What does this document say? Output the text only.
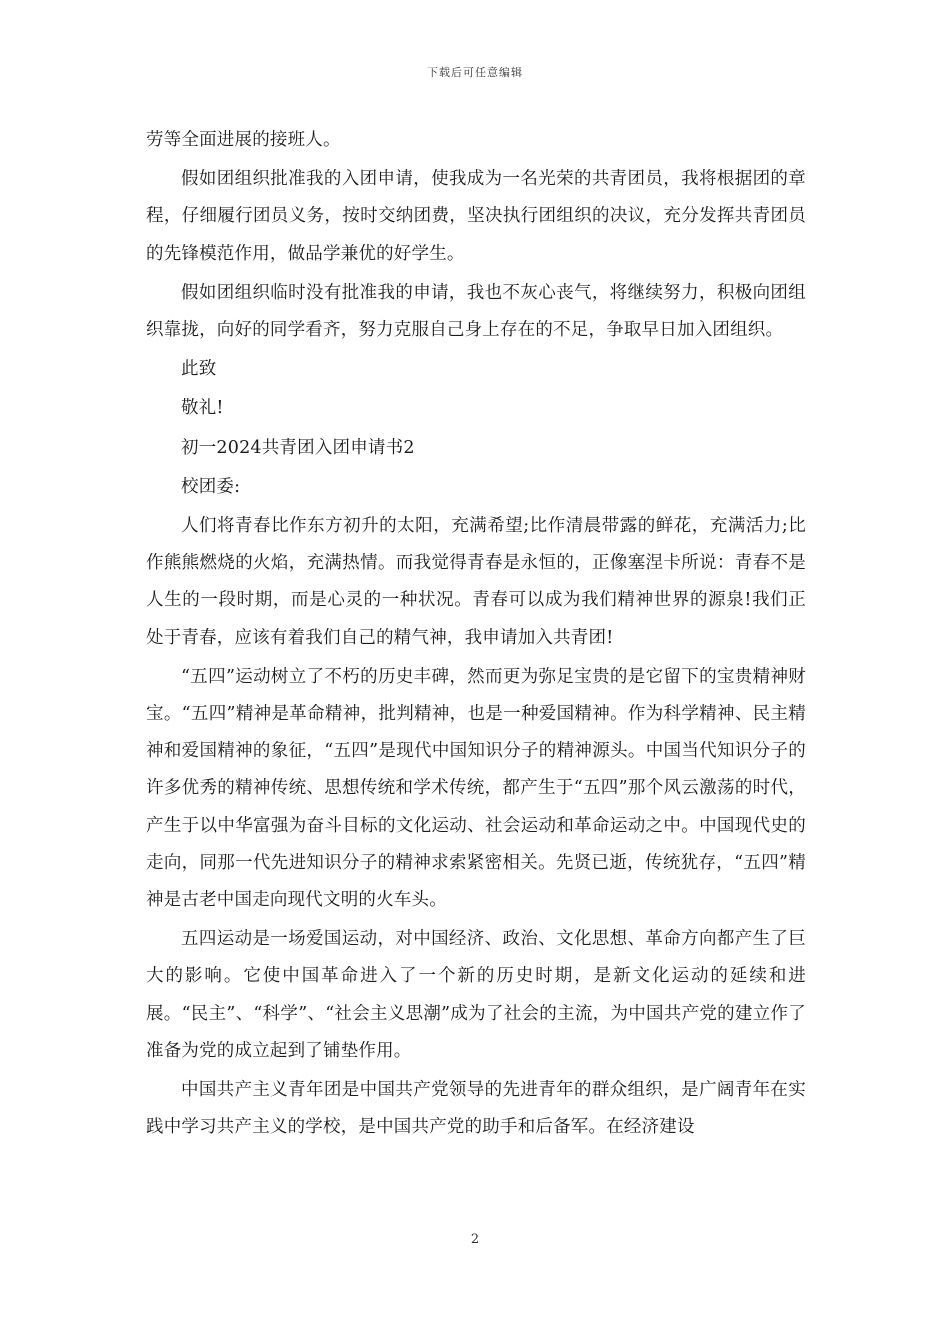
下载后可任意编辑

劳等全面进展的接班人。

假如团组织批准我的入团申请，使我成为一名光荣的共青团员，我将根据团的章程，仔细履行团员义务，按时交纳团费，坚决执行团组织的决议，充分发挥共青团员的先锋模范作用，做品学兼优的好学生。

假如团组织临时没有批准我的申请，我也不灰心丧气，将继续努力，积极向团组织靠拢，向好的同学看齐，努力克服自己身上存在的不足，争取早日加入团组织。

此致

敬礼!

初一2024共青团入团申请书2

校团委:

人们将青春比作东方初升的太阳，充满希望;比作清晨带露的鲜花，充满活力;比作熊熊燃烧的火焰，充满热情。而我觉得青春是永恒的，正像塞涅卡所说：青春不是人生的一段时期，而是心灵的一种状况。青春可以成为我们精神世界的源泉!我们正处于青春，应该有着我们自己的精气神，我申请加入共青团!

“五四”运动树立了不朽的历史丰碑，然而更为弥足宝贵的是它留下的宝贵精神财宝。“五四”精神是革命精神，批判精神，也是一种爱国精神。作为科学精神、民主精神和爱国精神的象征，“五四”是现代中国知识分子的精神源头。中国当代知识分子的许多优秀的精神传统、思想传统和学术传统，都产生于“五四”那个风云激荡的时代，产生于以中华富强为奋斗目标的文化运动、社会运动和革命运动之中。中国现代史的走向，同那一代先进知识分子的精神求索紧密相关。先贤已逝，传统犹存，“五四”精神是古老中国走向现代文明的火车头。

五四运动是一场爱国运动，对中国经济、政治、文化思想、革命方向都产生了巨大的影响。它使中国革命进入了一个新的历史时期，是新文化运动的延续和进展。“民主”、“科学”、“社会主义思潮”成为了社会的主流，为中国共产党的建立作了准备为党的成立起到了铺垫作用。

中国共产主义青年团是中国共产党领导的先进青年的群众组织，是广阔青年在实践中学习共产主义的学校，是中国共产党的助手和后备军。在经济建设

2
